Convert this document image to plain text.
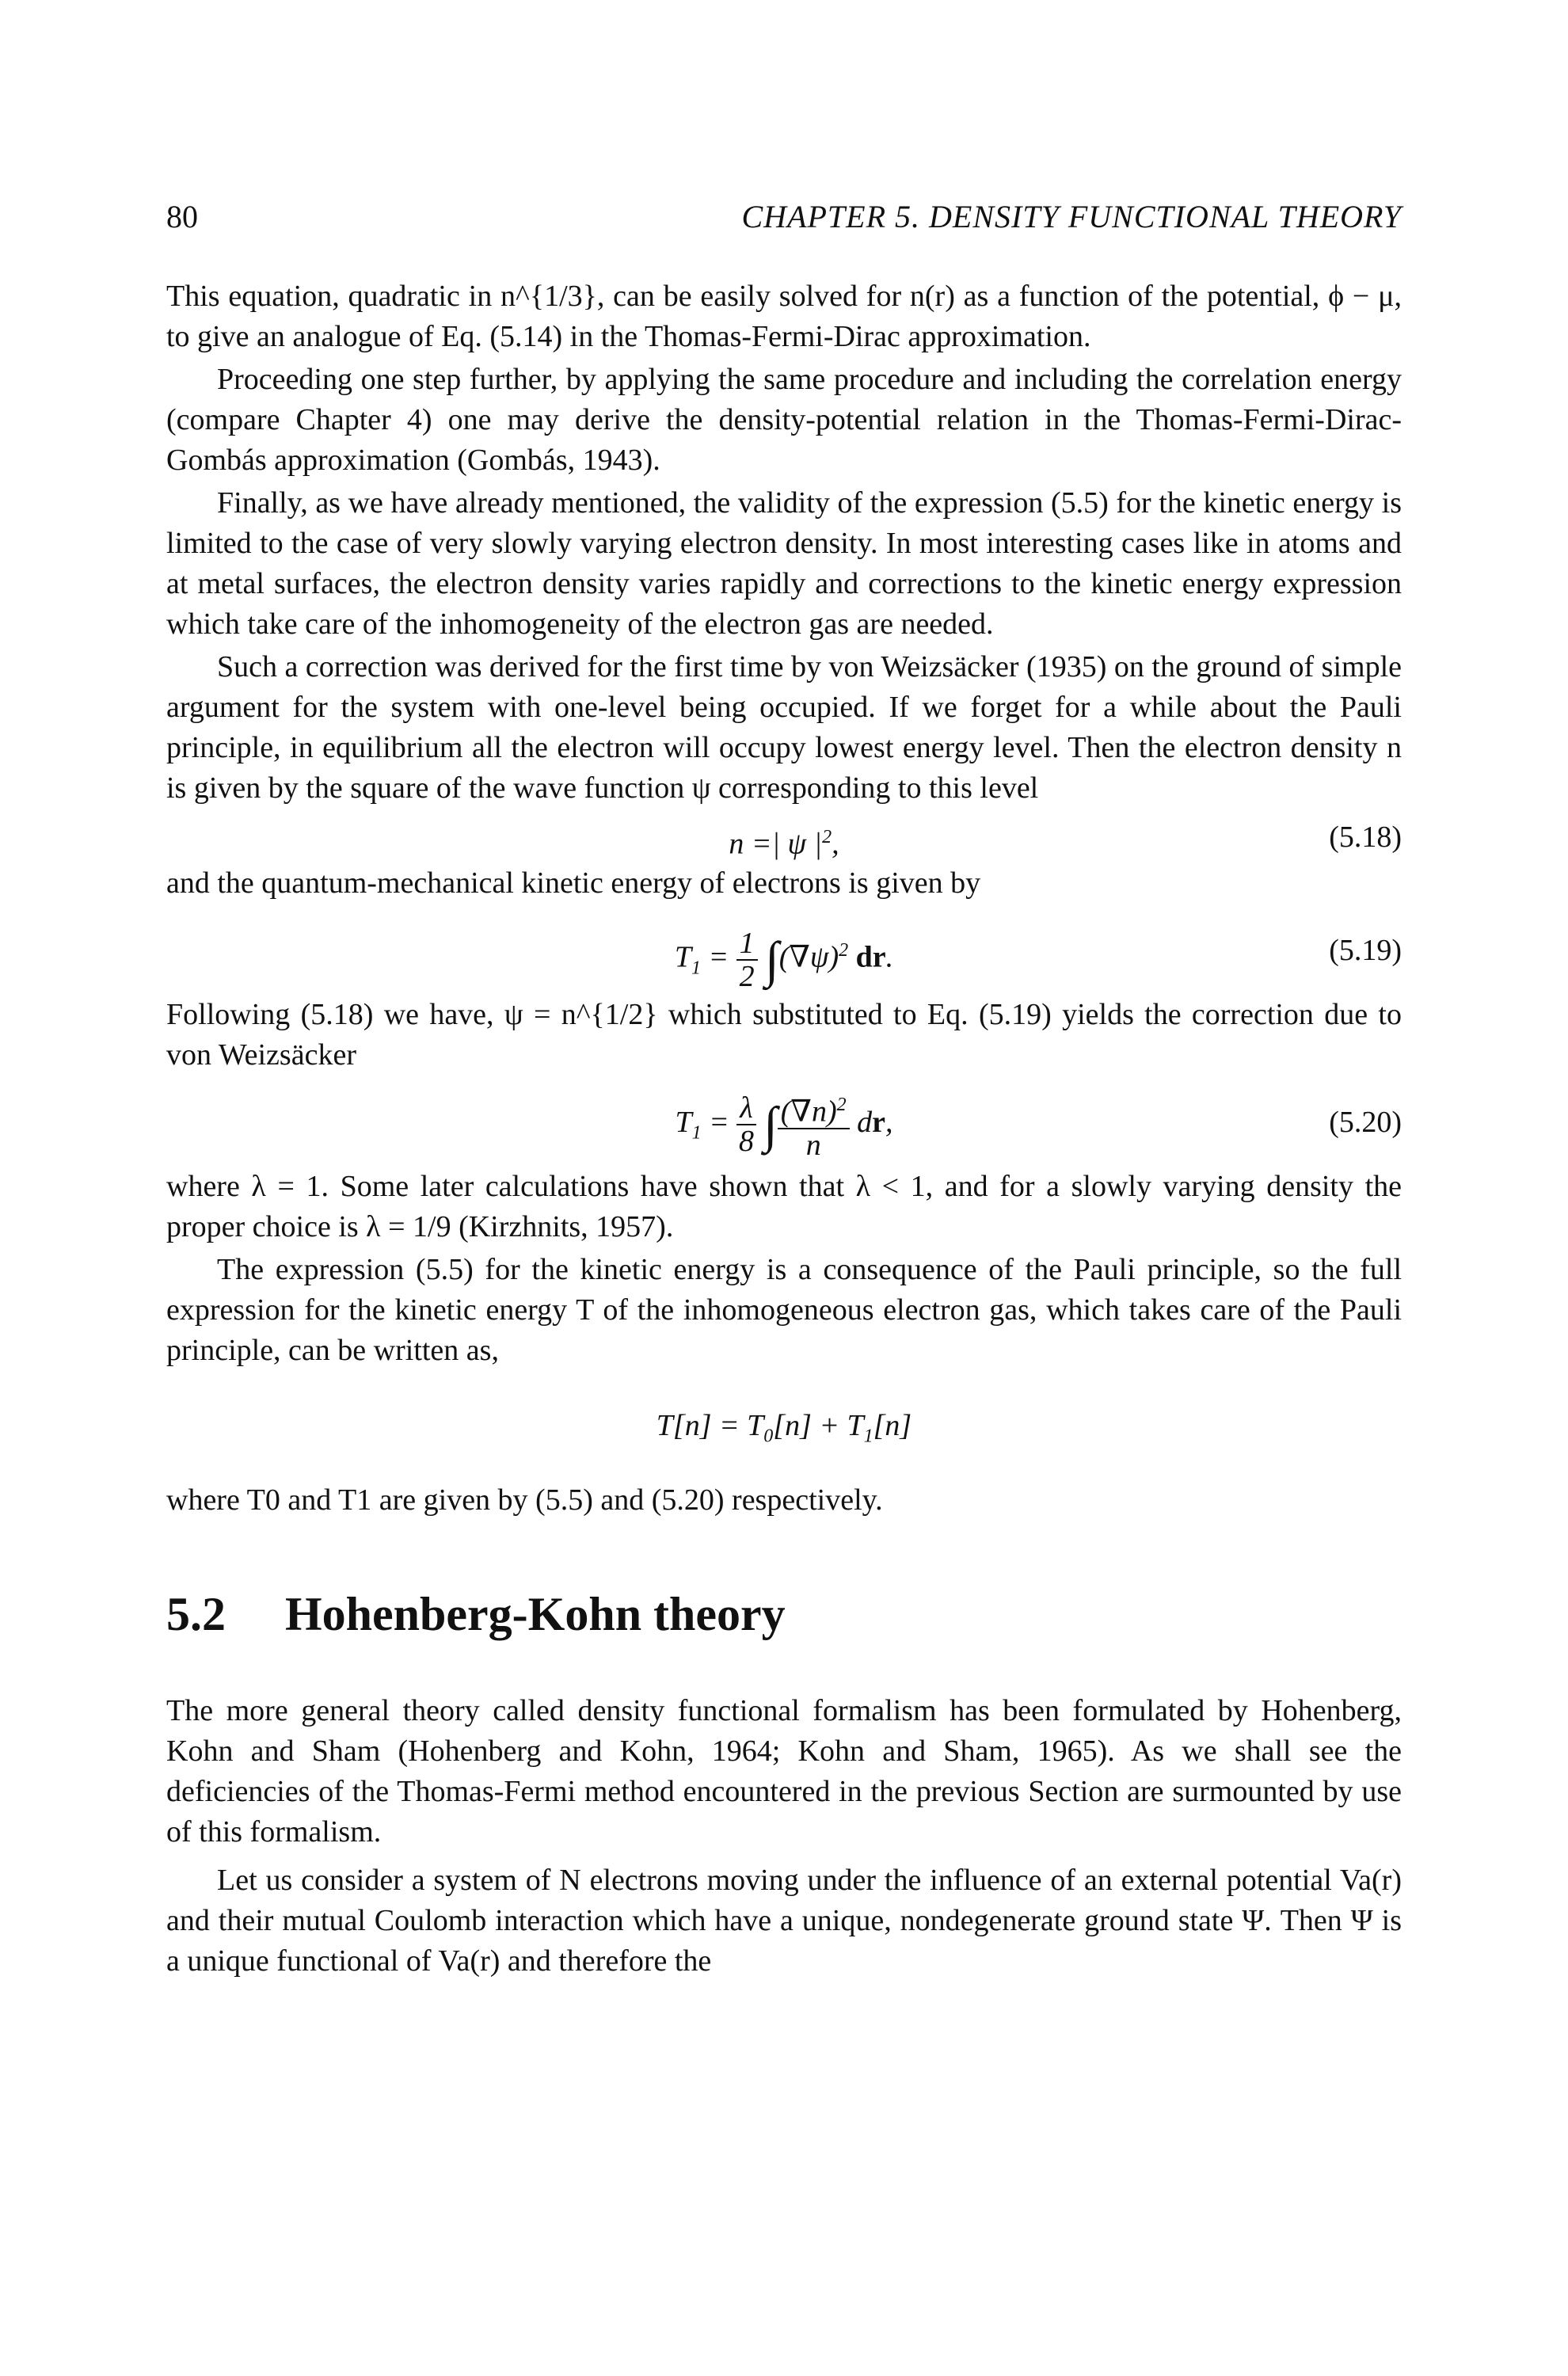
80	CHAPTER 5. DENSITY FUNCTIONAL THEORY

This equation, quadratic in n^{1/3}, can be easily solved for n(r) as a function of the potential, ϕ − μ, to give an analogue of Eq. (5.14) in the Thomas-Fermi-Dirac approximation.

Proceeding one step further, by applying the same procedure and including the correlation energy (compare Chapter 4) one may derive the density-potential relation in the Thomas-Fermi-Dirac-Gombás approximation (Gombás, 1943).

Finally, as we have already mentioned, the validity of the expression (5.5) for the kinetic energy is limited to the case of very slowly varying electron density. In most interesting cases like in atoms and at metal surfaces, the electron density varies rapidly and corrections to the kinetic energy expression which take care of the inhomogeneity of the electron gas are needed.

Such a correction was derived for the first time by von Weizsäcker (1935) on the ground of simple argument for the system with one-level being occupied. If we forget for a while about the Pauli principle, in equilibrium all the electron will occupy lowest energy level. Then the electron density n is given by the square of the wave function ψ corresponding to this level

n =| ψ $|^2$,	(5.18)

and the quantum-mechanical kinetic energy of electrons is given by

$T_1 = \frac{1}{2} \int(\nabla\psi)^2$ dr.	(5.19)

Following (5.18) we have, ψ = n^{1/2} which substituted to Eq. (5.19) yields the correction due to von Weizsäcker

$T_1 = \frac{\lambda}{8}$ ∫ $\frac{(\nabla n)^2}{n}$ dr,	(5.20)

where λ = 1. Some later calculations have shown that λ < 1, and for a slowly varying density the proper choice is λ = 1/9 (Kirzhnits, 1957).

The expression (5.5) for the kinetic energy is a consequence of the Pauli principle, so the full expression for the kinetic energy T of the inhomogeneous electron gas, which takes care of the Pauli principle, can be written as,

$T[n] = T_0[n] + T_1[n]$

where T0 and T1 are given by (5.5) and (5.20) respectively.

5.2	Hohenberg-Kohn theory

The more general theory called density functional formalism has been formulated by Hohenberg, Kohn and Sham (Hohenberg and Kohn, 1964; Kohn and Sham, 1965). As we shall see the deficiencies of the Thomas-Fermi method encountered in the previous Section are surmounted by use of this formalism.

Let us consider a system of N electrons moving under the influence of an external potential Va(r) and their mutual Coulomb interaction which have a unique, nondegenerate ground state Ψ. Then Ψ is a unique functional of Va(r) and therefore the
